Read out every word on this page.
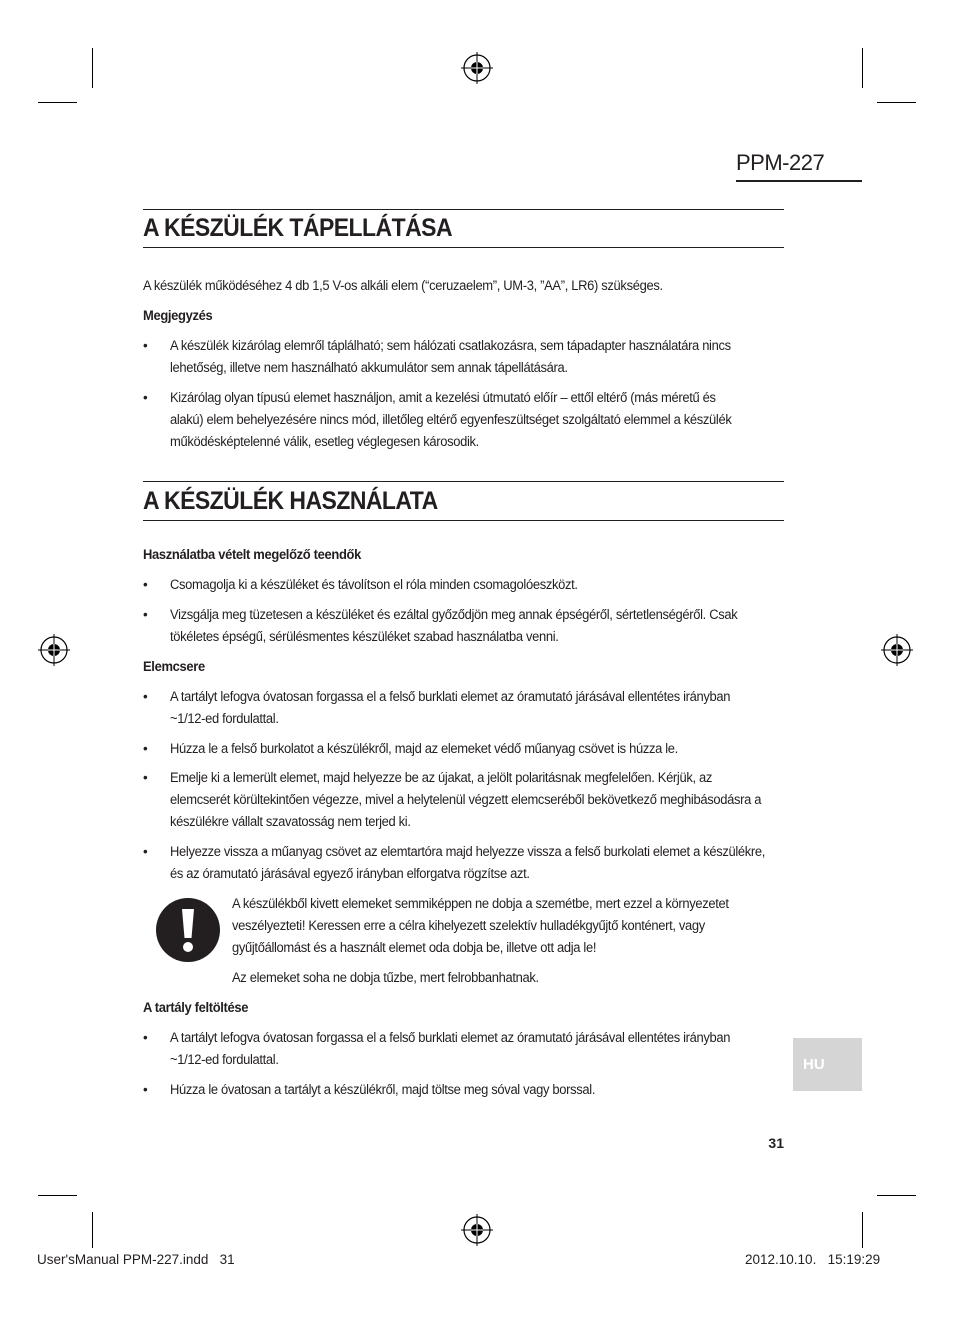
PPM-227
A KÉSZÜLÉK TÁPELLÁTÁSA
A készülék működéséhez 4 db 1,5 V-os alkáli elem (“ceruzaelem”, UM-3, ”AA”, LR6) szükséges.
Megjegyzés
•	A készülék kizárólag elemről táplálható; sem hálózati csatlakozásra, sem tápadapter használatára nincs
lehetőség, illetve nem használható akkumulátor sem annak tápellátására.
•	Kizárólag olyan típusú elemet használjon, amit a kezelési útmutató előír – ettől eltérő (más méretű és
alakú) elem behelyezésére nincs mód, illetőleg eltérő egyenfeszültséget szolgáltató elemmel a készülék
működésképtelenné válik, esetleg véglegesen károsodik.
A KÉSZÜLÉK HASZNÁLATA
Használatba vételt megelőző teendők
•	Csomagolja ki a készüléket és távolítson el róla minden csomagolóeszközt.
•	Vizsgálja meg tüzetesen a készüléket és ezáltal győződjön meg annak épségéről, sértetlenségéről. Csak
tökéletes épségű, sérülésmentes készüléket szabad használatba venni.
Elemcsere
•	A tartályt lefogva óvatosan forgassa el a felső burklati elemet az óramutató járásával ellentétes irányban
~1/12-ed fordulattal.
•	Húzza le a felső burkolatot a készülékről, majd az elemeket védő műanyag csövet is húzza le.
•	Emelje ki a lemerült elemet, majd helyezze be az újakat, a jelölt polaritásnak megfelelően. Kérjük, az
elemcserét körültekintően végezze, mivel a helytelenül végzett elemcseréből bekövetkező meghibásodásra a
készülékre vállalt szavatosság nem terjed ki.
•	Helyezze vissza a műanyag csövet az elemtartóra majd helyezze vissza a felső burkolati elemet a készülékre,
és az óramutató járásával egyező irányban elforgatva rögzítse azt.
A készülékből kivett elemeket semmiképpen ne dobja a szemétbe, mert ezzel a környezetet
veszélyezteti! Keressen erre a célra kihelyezett szelektív hulladékgyűjtő konténert, vagy
gyűjtőállomást és a használt elemet oda dobja be, illetve ott adja le!
Az elemeket soha ne dobja tűzbe, mert felrobbanhatnak.
A tartály feltöltése
•	A tartályt lefogva óvatosan forgassa el a felső burklati elemet az óramutató járásával ellentétes irányban
~1/12-ed fordulattal.
•	Húzza le óvatosan a tartályt a készülékről, majd töltse meg sóval vagy borssal.
HU
31
User'sManual PPM-227.indd   31	2012.10.10.   15:19:29
